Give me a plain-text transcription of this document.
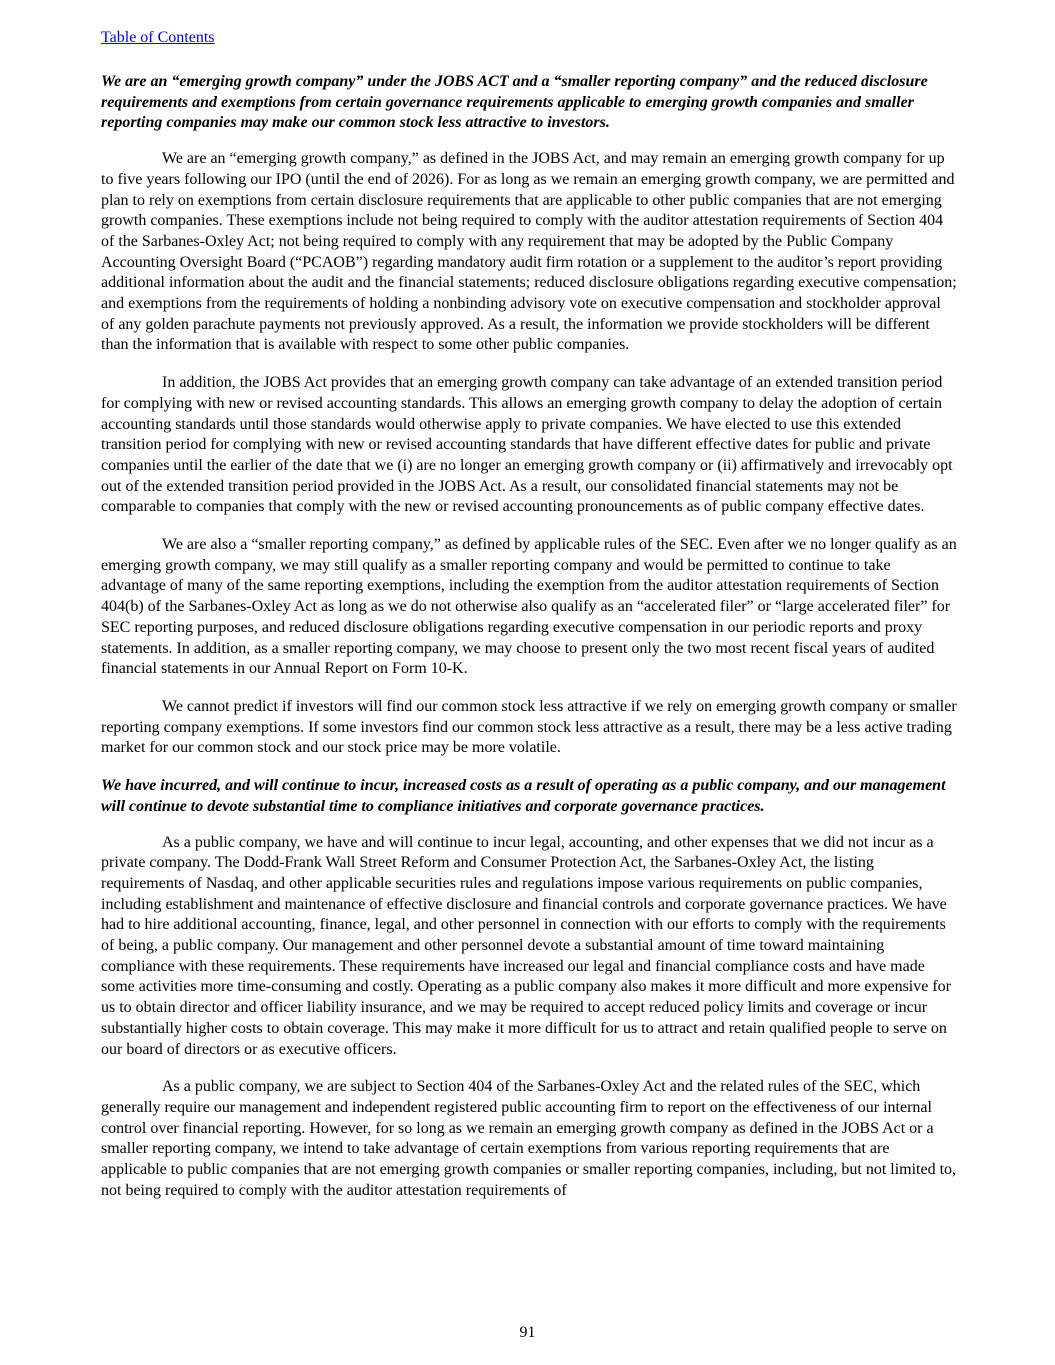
Table of Contents
We are an “emerging growth company” under the JOBS ACT and a “smaller reporting company” and the reduced disclosure requirements and exemptions from certain governance requirements applicable to emerging growth companies and smaller reporting companies may make our common stock less attractive to investors.

We are an “emerging growth company,” as defined in the JOBS Act, and may remain an emerging growth company for up to five years following our IPO (until the end of 2026). For as long as we remain an emerging growth company, we are permitted and plan to rely on exemptions from certain disclosure requirements that are applicable to other public companies that are not emerging growth companies. These exemptions include not being required to comply with the auditor attestation requirements of Section 404 of the Sarbanes-Oxley Act; not being required to comply with any requirement that may be adopted by the Public Company Accounting Oversight Board (“PCAOB”) regarding mandatory audit firm rotation or a supplement to the auditor’s report providing additional information about the audit and the financial statements; reduced disclosure obligations regarding executive compensation; and exemptions from the requirements of holding a nonbinding advisory vote on executive compensation and stockholder approval of any golden parachute payments not previously approved. As a result, the information we provide stockholders will be different than the information that is available with respect to some other public companies.

In addition, the JOBS Act provides that an emerging growth company can take advantage of an extended transition period for complying with new or revised accounting standards. This allows an emerging growth company to delay the adoption of certain accounting standards until those standards would otherwise apply to private companies. We have elected to use this extended transition period for complying with new or revised accounting standards that have different effective dates for public and private companies until the earlier of the date that we (i) are no longer an emerging growth company or (ii) affirmatively and irrevocably opt out of the extended transition period provided in the JOBS Act. As a result, our consolidated financial statements may not be comparable to companies that comply with the new or revised accounting pronouncements as of public company effective dates.

We are also a “smaller reporting company,” as defined by applicable rules of the SEC. Even after we no longer qualify as an emerging growth company, we may still qualify as a smaller reporting company and would be permitted to continue to take advantage of many of the same reporting exemptions, including the exemption from the auditor attestation requirements of Section 404(b) of the Sarbanes-Oxley Act as long as we do not otherwise also qualify as an “accelerated filer” or “large accelerated filer” for SEC reporting purposes, and reduced disclosure obligations regarding executive compensation in our periodic reports and proxy statements. In addition, as a smaller reporting company, we may choose to present only the two most recent fiscal years of audited financial statements in our Annual Report on Form 10-K.

We cannot predict if investors will find our common stock less attractive if we rely on emerging growth company or smaller reporting company exemptions. If some investors find our common stock less attractive as a result, there may be a less active trading market for our common stock and our stock price may be more volatile.

We have incurred, and will continue to incur, increased costs as a result of operating as a public company, and our management will continue to devote substantial time to compliance initiatives and corporate governance practices.

As a public company, we have and will continue to incur legal, accounting, and other expenses that we did not incur as a private company. The Dodd-Frank Wall Street Reform and Consumer Protection Act, the Sarbanes-Oxley Act, the listing requirements of Nasdaq, and other applicable securities rules and regulations impose various requirements on public companies, including establishment and maintenance of effective disclosure and financial controls and corporate governance practices. We have had to hire additional accounting, finance, legal, and other personnel in connection with our efforts to comply with the requirements of being, a public company. Our management and other personnel devote a substantial amount of time toward maintaining compliance with these requirements. These requirements have increased our legal and financial compliance costs and have made some activities more time-consuming and costly. Operating as a public company also makes it more difficult and more expensive for us to obtain director and officer liability insurance, and we may be required to accept reduced policy limits and coverage or incur substantially higher costs to obtain coverage. This may make it more difficult for us to attract and retain qualified people to serve on our board of directors or as executive officers.

As a public company, we are subject to Section 404 of the Sarbanes-Oxley Act and the related rules of the SEC, which generally require our management and independent registered public accounting firm to report on the effectiveness of our internal control over financial reporting. However, for so long as we remain an emerging growth company as defined in the JOBS Act or a smaller reporting company, we intend to take advantage of certain exemptions from various reporting requirements that are applicable to public companies that are not emerging growth companies or smaller reporting companies, including, but not limited to, not being required to comply with the auditor attestation requirements of

91
